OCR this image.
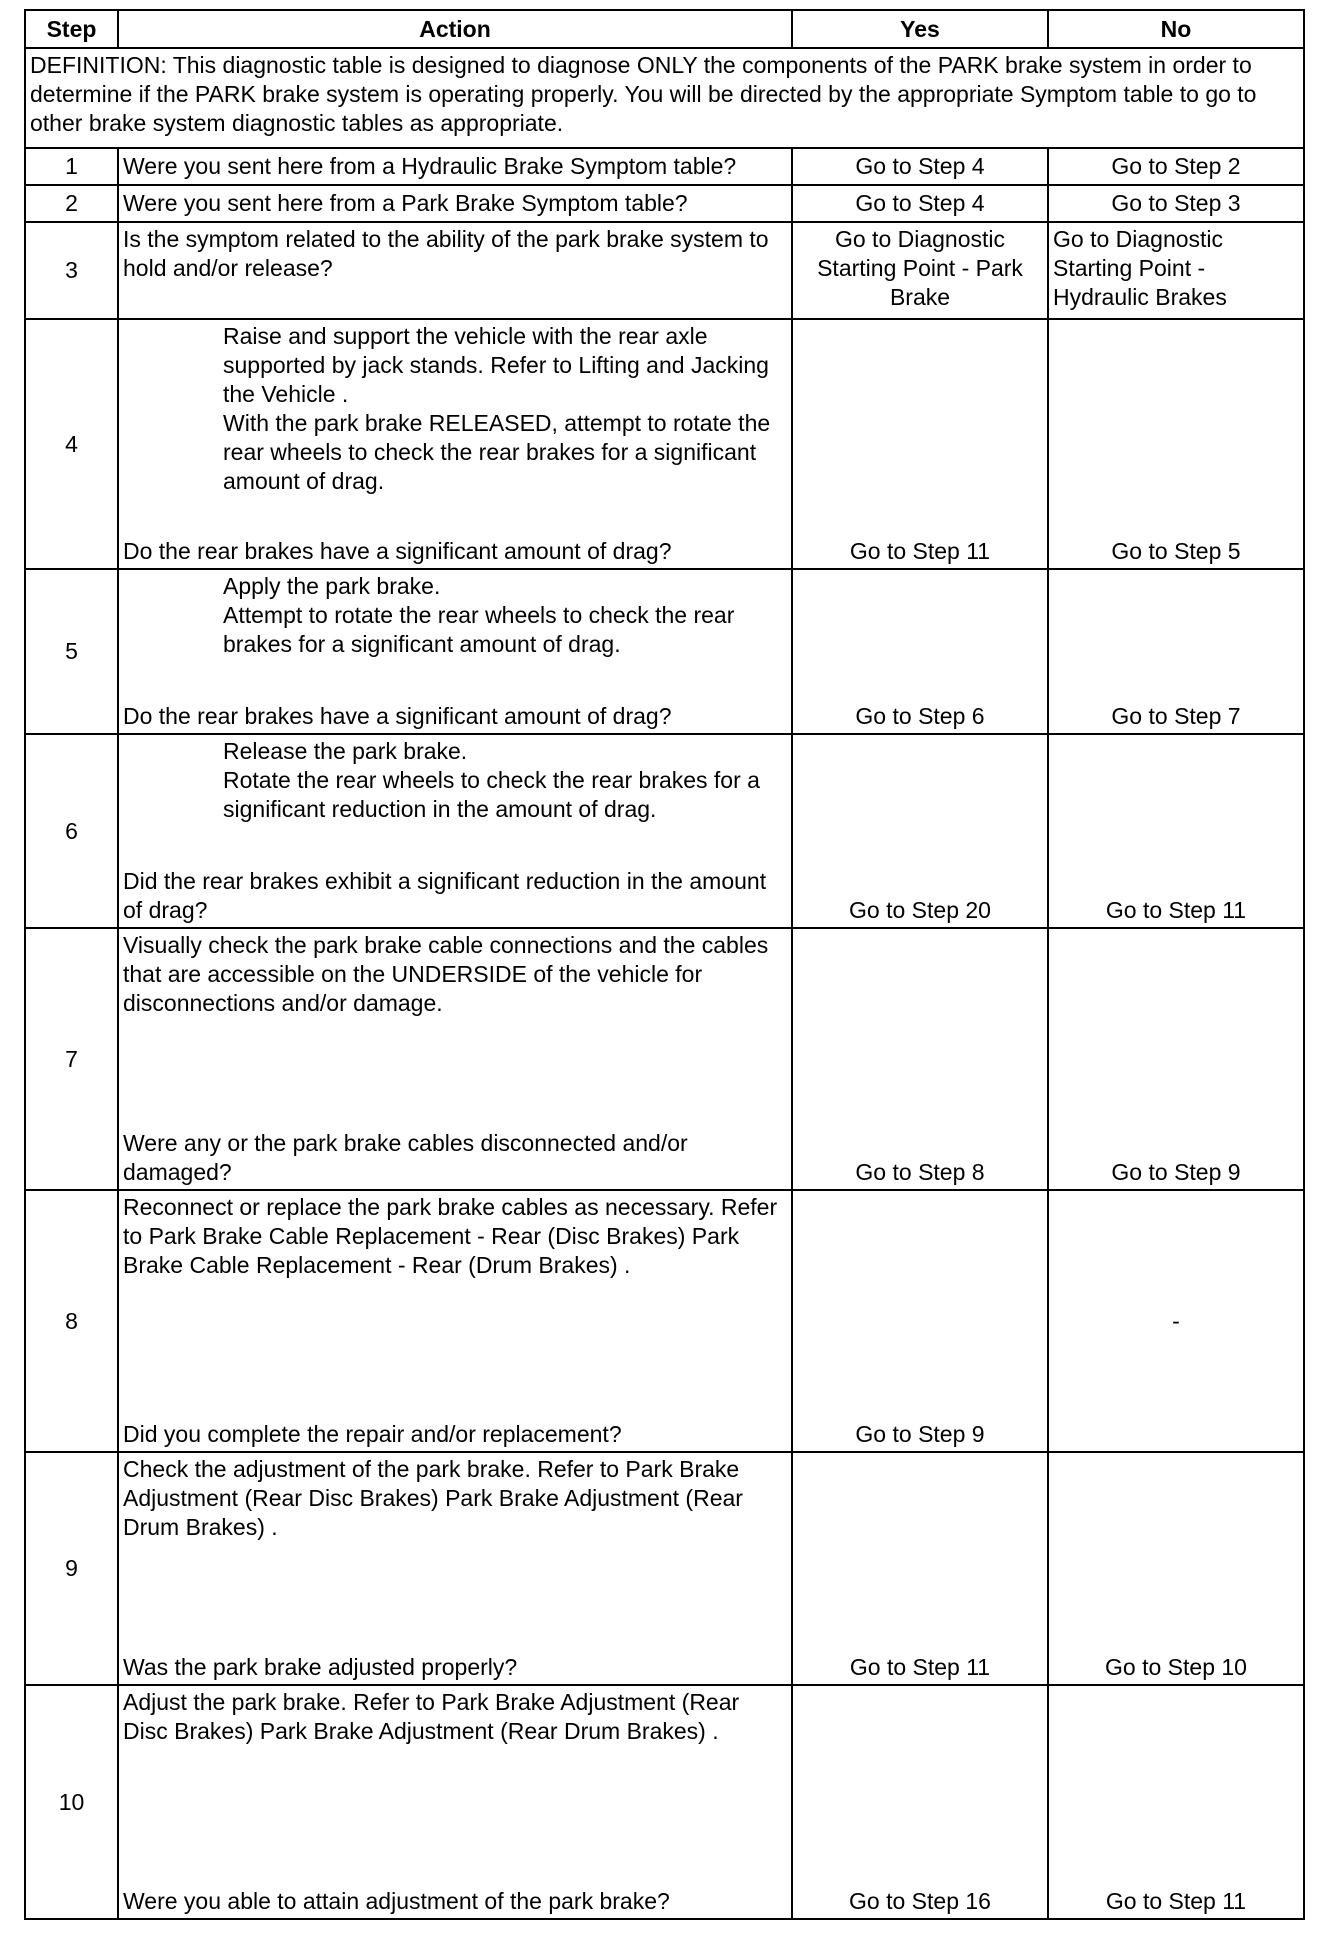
Step	Action	Yes	No
DEFINITION: This diagnostic table is designed to diagnose ONLY the components of the PARK brake system in order to determine if the PARK brake system is operating properly. You will be directed by the appropriate Symptom table to go to other brake system diagnostic tables as appropriate.			
1	Were you sent here from a Hydraulic Brake Symptom table?	Go to Step 4	Go to Step 2
2	Were you sent here from a Park Brake Symptom table?	Go to Step 4	Go to Step 3
3	Is the symptom related to the ability of the park brake system to hold and/or release?	Go to Diagnostic Starting Point - Park Brake	Go to Diagnostic Starting Point - Hydraulic Brakes
4	Raise and support the vehicle with the rear axle supported by jack stands. Refer to Lifting and Jacking the Vehicle .
With the park brake RELEASED, attempt to rotate the rear wheels to check the rear brakes for a significant amount of drag.
Do the rear brakes have a significant amount of drag?	Go to Step 11	Go to Step 5
5	Apply the park brake.
Attempt to rotate the rear wheels to check the rear brakes for a significant amount of drag.
Do the rear brakes have a significant amount of drag?	Go to Step 6	Go to Step 7
6	Release the park brake.
Rotate the rear wheels to check the rear brakes for a significant reduction in the amount of drag.
Did the rear brakes exhibit a significant reduction in the amount of drag?	Go to Step 20	Go to Step 11
7	Visually check the park brake cable connections and the cables that are accessible on the UNDERSIDE of the vehicle for disconnections and/or damage.
Were any or the park brake cables disconnected and/or damaged?	Go to Step 8	Go to Step 9
8	Reconnect or replace the park brake cables as necessary. Refer to Park Brake Cable Replacement - Rear (Disc Brakes) Park Brake Cable Replacement - Rear (Drum Brakes) .
Did you complete the repair and/or replacement?	Go to Step 9	-
9	Check the adjustment of the park brake. Refer to Park Brake Adjustment (Rear Disc Brakes) Park Brake Adjustment (Rear Drum Brakes) .
Was the park brake adjusted properly?	Go to Step 11	Go to Step 10
10	Adjust the park brake. Refer to Park Brake Adjustment (Rear Disc Brakes) Park Brake Adjustment (Rear Drum Brakes) .
Were you able to attain adjustment of the park brake?	Go to Step 16	Go to Step 11
